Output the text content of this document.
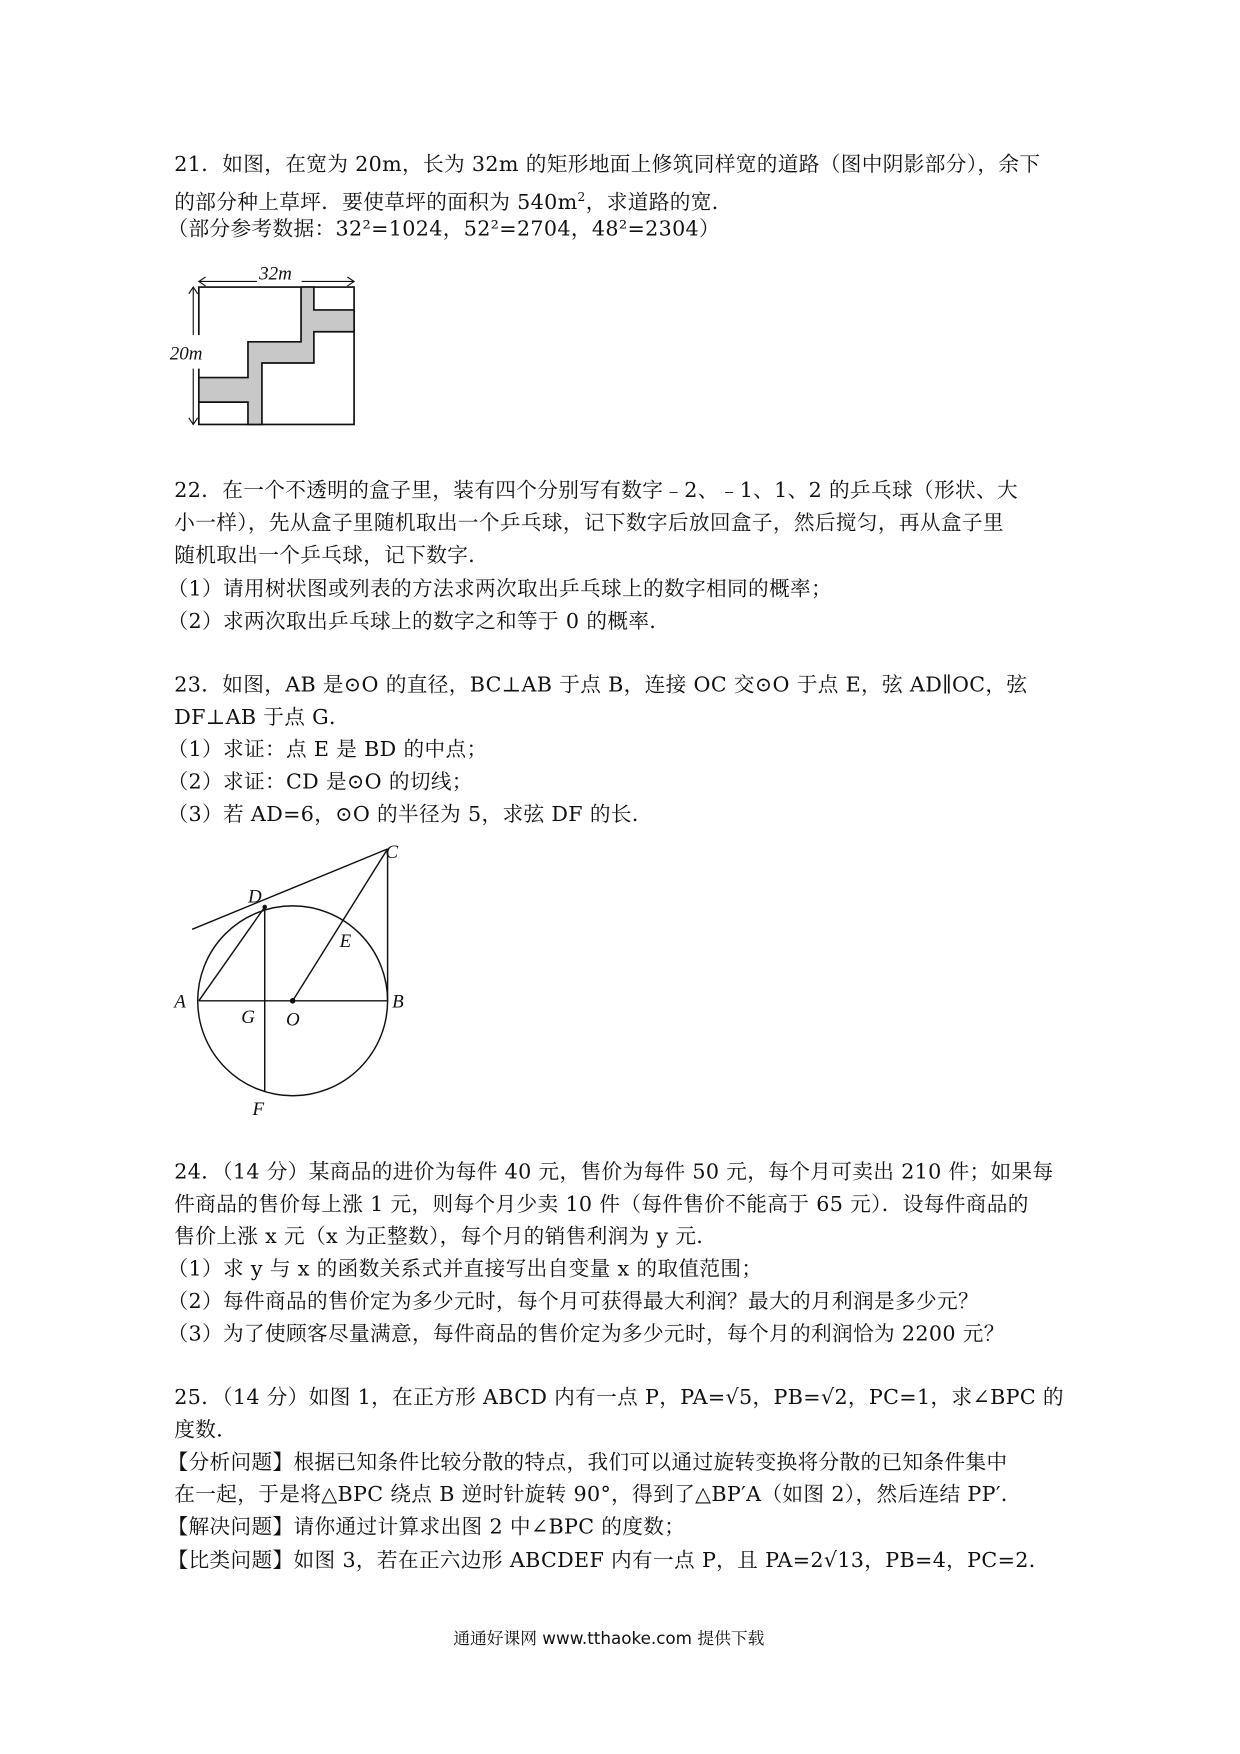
21．如图，在宽为 20m，长为 32m 的矩形地面上修筑同样宽的道路（图中阴影部分），余下
的部分种上草坪．要使草坪的面积为 $540m^2$，求道路的宽．
（部分参考数据：32²=1024，52²=2704，48²=2304）
32m
20m
22．在一个不透明的盒子里，装有四个分别写有数字﹣2、﹣1、1、2 的乒乓球（形状、大
小一样），先从盒子里随机取出一个乒乓球，记下数字后放回盒子，然后搅匀，再从盒子里
随机取出一个乒乓球，记下数字．
（1）请用树状图或列表的方法求两次取出乒乓球上的数字相同的概率；
（2）求两次取出乒乓球上的数字之和等于 0 的概率．
23．如图，AB 是⊙O 的直径，BC⊥AB 于点 B，连接 OC 交⊙O 于点 E，弦 AD∥OC，弦
DF⊥AB 于点 G．
（1）求证：点 E 是 BD 的中点；
（2）求证：CD 是⊙O 的切线；
（3）若 AD=6，⊙O 的半径为 5，求弦 DF 的长．
A	B
C
D
E
F
G O
24．（14 分）某商品的进价为每件 40 元，售价为每件 50 元，每个月可卖出 210 件；如果每
件商品的售价每上涨 1 元，则每个月少卖 10 件（每件售价不能高于 65 元）．设每件商品的
售价上涨 x 元（x 为正整数），每个月的销售利润为 y 元．
（1）求 y 与 x 的函数关系式并直接写出自变量 x 的取值范围；
（2）每件商品的售价定为多少元时，每个月可获得最大利润？最大的月利润是多少元？
（3）为了使顾客尽量满意，每件商品的售价定为多少元时，每个月的利润恰为 2200 元？
25．（14 分）如图 1，在正方形 ABCD 内有一点 P，PA=√5，PB=√2，PC=1，求∠BPC 的
度数．
【分析问题】根据已知条件比较分散的特点，我们可以通过旋转变换将分散的已知条件集中
在一起，于是将△BPC 绕点 B 逆时针旋转 90°，得到了△BP′A（如图 2），然后连结 PP′．
【解决问题】请你通过计算求出图 2 中∠BPC 的度数；
【比类问题】如图 3，若在正六边形 ABCDEF 内有一点 P，且 PA=2√13，PB=4，PC=2．
通通好课网 www.tthaoke.com 提供下载
